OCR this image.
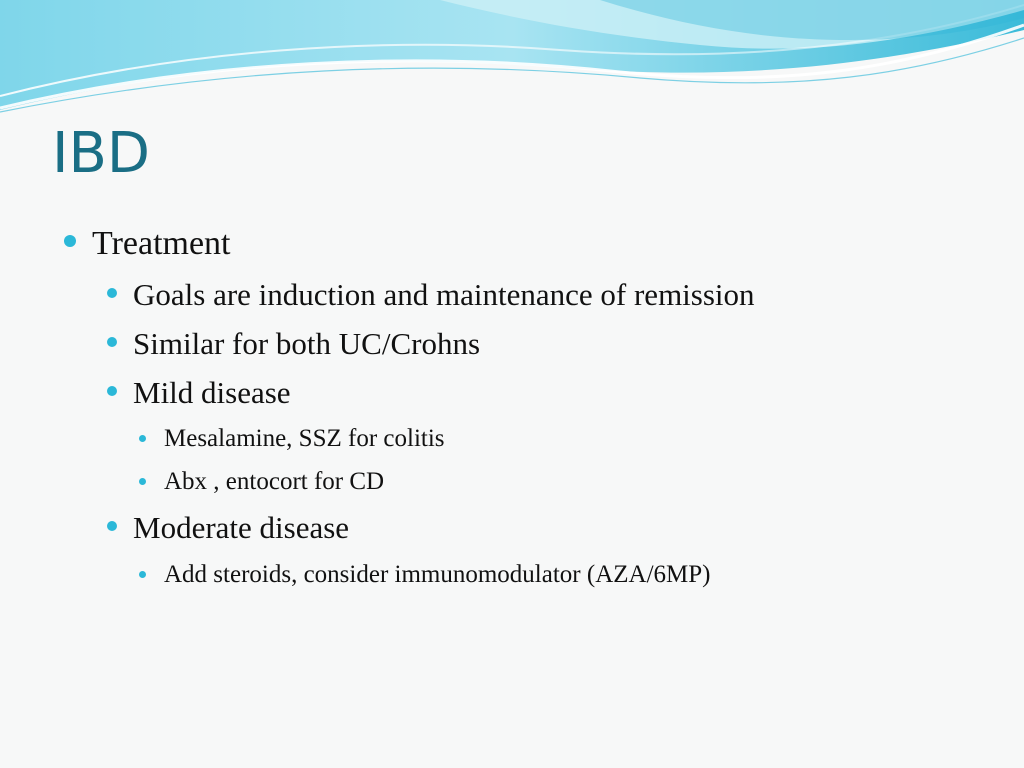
IBD
Treatment
Goals are induction and maintenance of remission
Similar for both UC/Crohns
Mild disease
Mesalamine, SSZ for colitis
Abx , entocort for CD
Moderate disease
Add steroids, consider immunomodulator (AZA/6MP)
